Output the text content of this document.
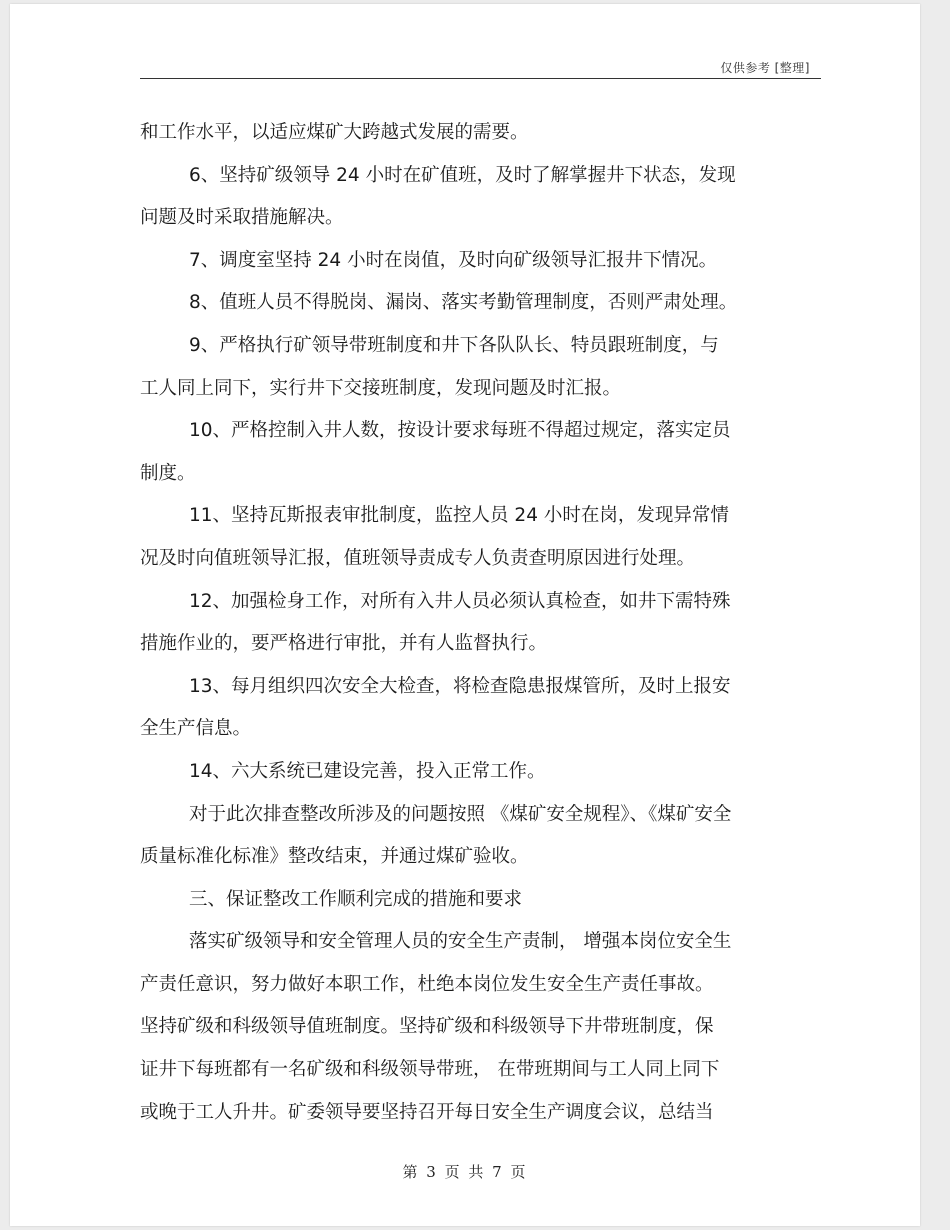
仅供参考 [整理]
和工作水平，以适应煤矿大跨越式发展的需要。
6、坚持矿级领导 24 小时在矿值班，及时了解掌握井下状态，发现
问题及时采取措施解决。
7、调度室坚持 24 小时在岗值，及时向矿级领导汇报井下情况。
8、值班人员不得脱岗、漏岗、落实考勤管理制度，否则严肃处理。
9、严格执行矿领导带班制度和井下各队队长、特员跟班制度，与
工人同上同下，实行井下交接班制度，发现问题及时汇报。
10、严格控制入井人数，按设计要求每班不得超过规定，落实定员
制度。
11、坚持瓦斯报表审批制度，监控人员 24 小时在岗，发现异常情
况及时向值班领导汇报，值班领导责成专人负责查明原因进行处理。
12、加强检身工作，对所有入井人员必须认真检查，如井下需特殊
措施作业的，要严格进行审批，并有人监督执行。
13、每月组织四次安全大检查，将检查隐患报煤管所，及时上报安
全生产信息。
14、六大系统已建设完善，投入正常工作。
对于此次排查整改所涉及的问题按照 《煤矿安全规程》、《煤矿安全
质量标准化标准》整改结束，并通过煤矿验收。
三、保证整改工作顺利完成的措施和要求
落实矿级领导和安全管理人员的安全生产责制， 增强本岗位安全生
产责任意识，努力做好本职工作，杜绝本岗位发生安全生产责任事故。
坚持矿级和科级领导值班制度。坚持矿级和科级领导下井带班制度，保
证井下每班都有一名矿级和科级领导带班， 在带班期间与工人同上同下
或晚于工人升井。矿委领导要坚持召开每日安全生产调度会议，总结当
第 3 页 共 7 页
